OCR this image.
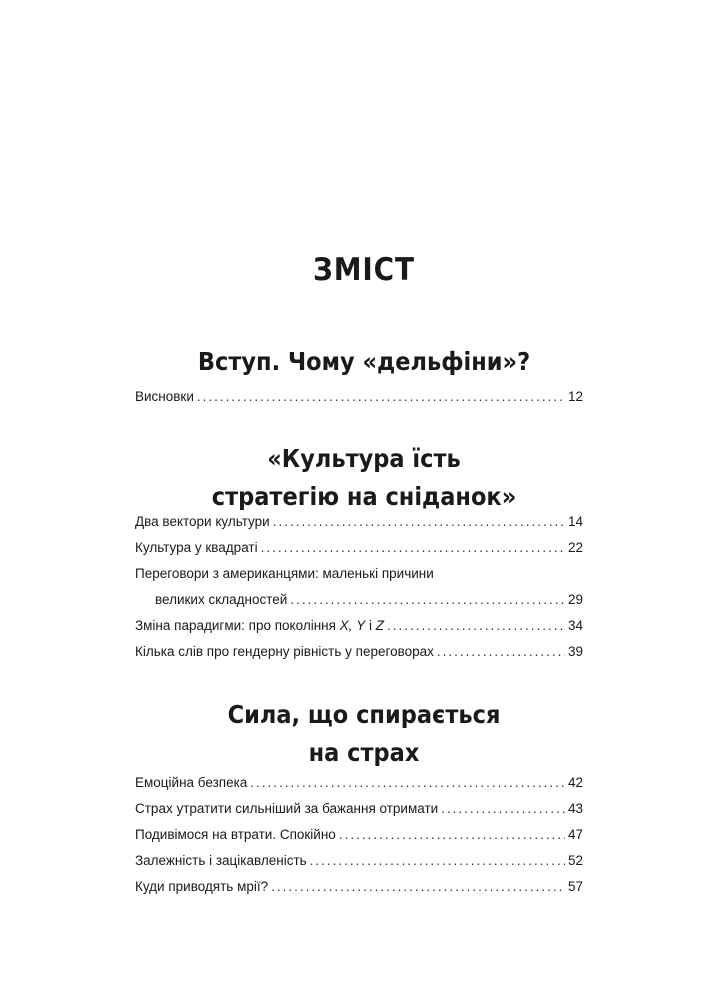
ЗМІСТ
Вступ. Чому «дельфіни»?
Висновки .....	12
«Культура їсть
стратегію на сніданок»
Два вектори культури .....	14
Культура у квадраті .....	22
Переговори з американцями: маленькі причини
великих складностей .....	29
Зміна парадигми: про покоління X, Y і Z .....	34
Кілька слів про гендерну рівність у переговорах .....	39
Сила, що спирається
на страх
Емоційна безпека .....	42
Страх утратити сильніший за бажання отримати .....	43
Подивімося на втрати. Спокійно .....	47
Залежність і зацікавленість .....	52
Куди приводять мрії? .....	57
